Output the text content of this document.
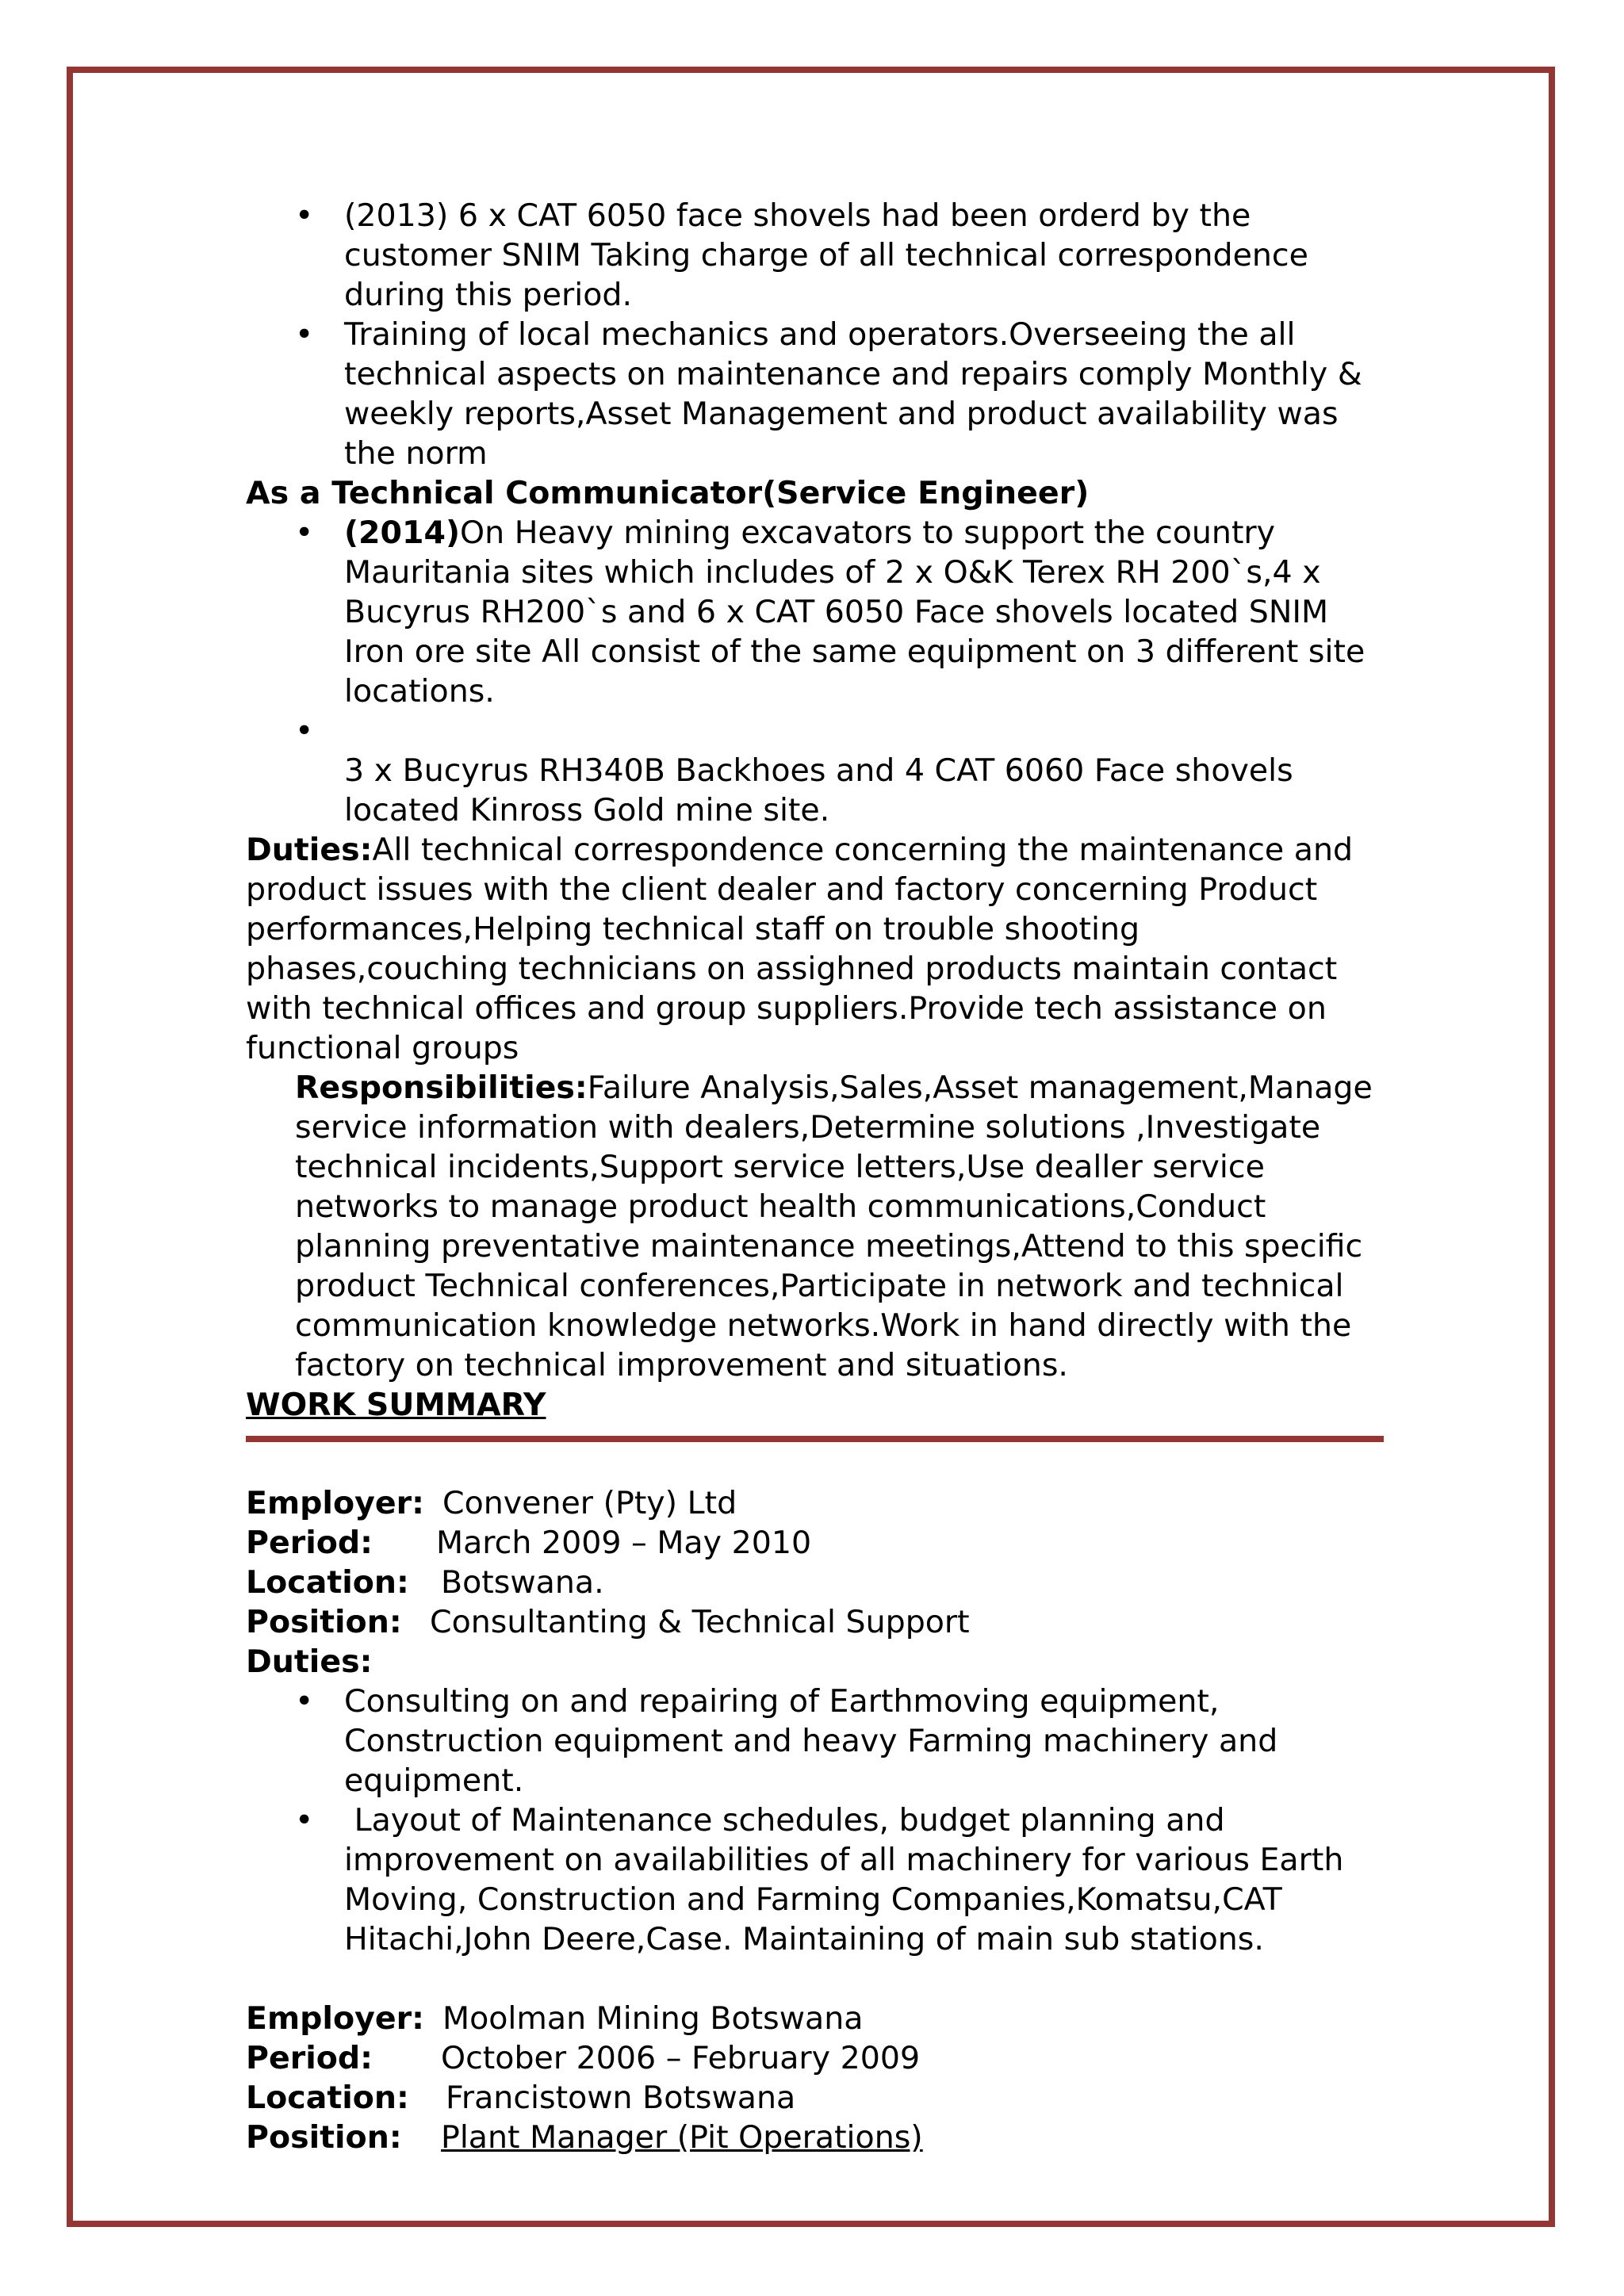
• (2013) 6 x CAT 6050 face shovels had been orderd by the customer SNIM Taking charge of all technical correspondence during this period.
• Training of local mechanics and operators.Overseeing the all technical aspects on maintenance and repairs comply Monthly & weekly reports,Asset Management and product availability was the norm

As a Technical Communicator(Service Engineer)

• (2014)On Heavy mining excavators to support the country Mauritania sites which includes of 2 x O&K Terex RH 200`s,4 x Bucyrus RH200`s and 6 x CAT 6050 Face shovels located SNIM Iron ore site All consist of the same equipment on 3 different site locations.

• 3 x Bucyrus RH340B Backhoes and 4 CAT 6060 Face shovels located Kinross Gold mine site.

Duties:All technical correspondence concerning the maintenance and product issues with the client dealer and factory concerning Product performances,Helping technical staff on trouble shooting phases,couching technicians on assighned products maintain contact with technical offices and group suppliers.Provide tech assistance on functional groups

Responsibilities:Failure Analysis,Sales,Asset management,Manage service information with dealers,Determine solutions ,Investigate technical incidents,Support service letters,Use dealler service networks to manage product health communications,Conduct planning preventative maintenance meetings,Attend to this specific product Technical conferences,Participate in network and technical communication knowledge networks.Work in hand directly with the factory on technical improvement and situations.

WORK SUMMARY

Employer: Convener (Pty) Ltd
Period:	March 2009 – May 2010
Location:	Botswana.
Position: Consultanting & Technical Support

Duties:

• Consulting on and repairing of Earthmoving equipment, Construction equipment and heavy Farming machinery and equipment.
•  Layout of Maintenance schedules, budget planning and improvement on availabilities of all machinery for various Earth Moving, Construction and Farming Companies,Komatsu,CAT Hitachi,John Deere,Case. Maintaining of main sub stations.
Employer: Moolman Mining Botswana
Period:	October 2006 – February 2009
Location:	Francistown Botswana
Position:	Plant Manager (Pit Operations)
